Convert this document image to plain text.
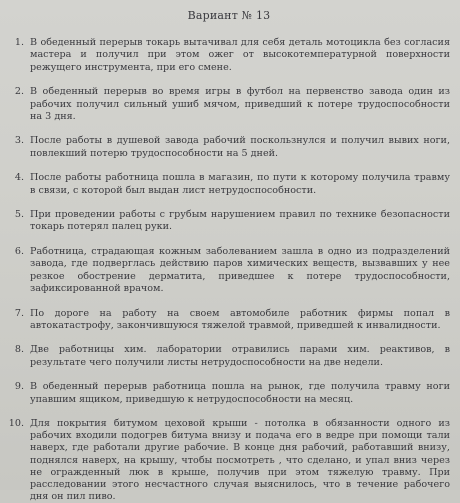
Вариант № 13
1. В обеденный перерыв токарь вытачивал для себя деталь мотоцикла без согласия мастера и получил при этом ожег от высокотемпературной поверхности режущего инструмента, при его смене.
2. В обеденный перерыв во время игры в футбол на первенство завода один из рабочих получил сильный ушиб мячом, приведший к потере трудоспособности на 3 дня.
3. После работы в душевой завода рабочий поскользнулся и получил вывих ноги, повлекший потерю трудоспособности на 5 дней.
4. После работы работница пошла в магазин, по пути к которому получила травму в связи, с которой был выдан лист нетрудоспособности.
5. При проведении работы с грубым нарушением правил по технике безопасности токарь потерял палец руки.
6. Работница, страдающая кожным заболеванием зашла в одно из подразделений завода, где подверглась действию паров химических веществ, вызвавших у нее резкое обострение дерматита, приведшее к потере трудоспособности, зафиксированной врачом.
7. По дороге на работу на своем автомобиле работник фирмы попал в автокатастрофу, закончившуюся тяжелой травмой, приведшей к инвалидности.
8. Две работницы хим. лаборатории отравились парами хим. реактивов, в результате чего получили листы нетрудоспособности на две недели.
9. В обеденный перерыв работница пошла на рынок, где получила травму ноги упавшим ящиком, приведшую к нетрудоспособности на месяц.
10. Для покрытия битумом цеховой крыши - потолка в обязанности одного из рабочих входили подогрев битума внизу и подача его в ведре при помощи тали наверх, где работали другие рабочие. В конце дня рабочий, работавший внизу, поднялся наверх, на крышу, чтобы посмотреть , что сделано, и упал вниз через не огражденный люк в крыше, получив при этом тяжелую травму. При расследовании этого несчастного случая выяснилось, что в течение рабочего дня он пил пиво.
